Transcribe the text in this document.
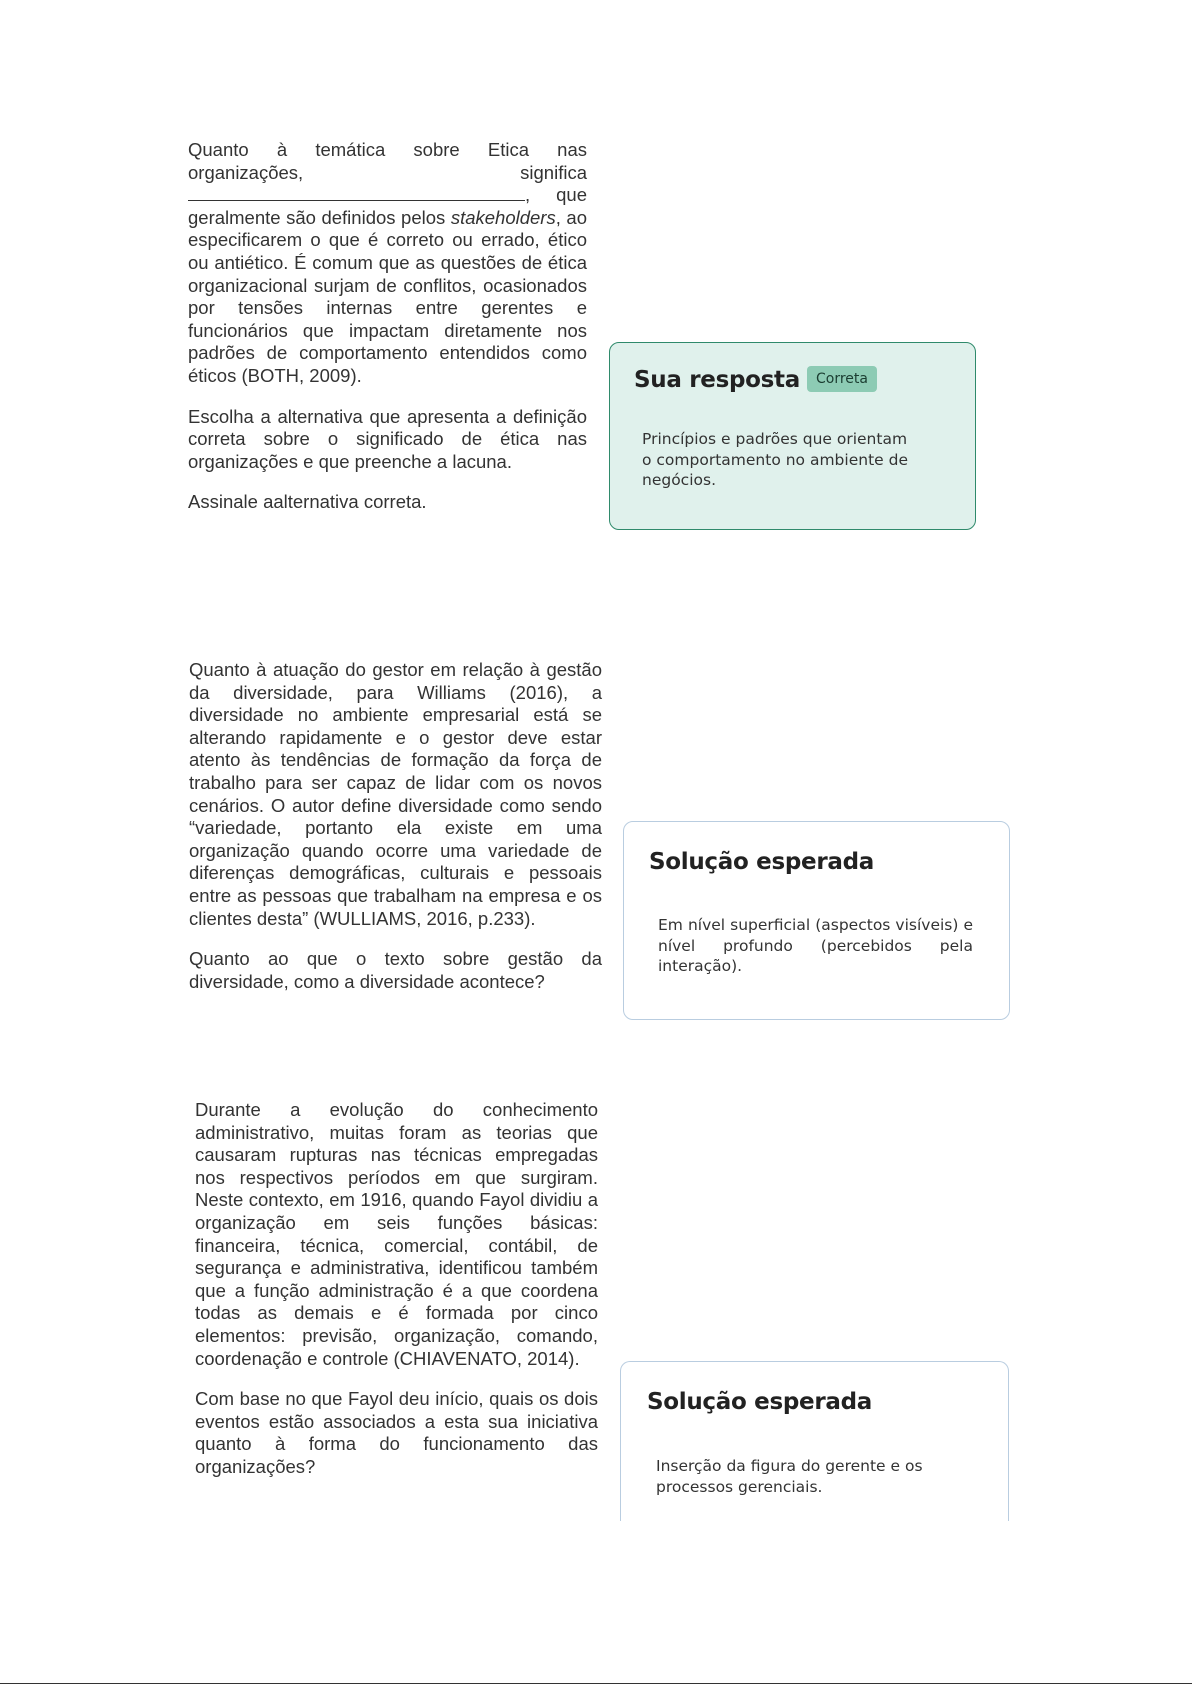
Quanto à temática sobre Etica nas organizações, significa , que geralmente são definidos pelos stakeholders, ao especificarem o que é correto ou errado, ético ou antiético. É comum que as questões de ética organizacional surjam de conflitos, ocasionados por tensões internas entre gerentes e funcionários que impactam diretamente nos padrões de comportamento entendidos como éticos (BOTH, 2009).

Escolha a alternativa que apresenta a definição correta sobre o significado de ética nas organizações e que preenche a lacuna.

Assinale aalternativa correta.

Sua resposta	Correta

Princípios e padrões que orientam o comportamento no ambiente de negócios.

Quanto à atuação do gestor em relação à gestão da diversidade, para Williams (2016), a diversidade no ambiente empresarial está se alterando rapidamente e o gestor deve estar atento às tendências de formação da força de trabalho para ser capaz de lidar com os novos cenários. O autor define diversidade como sendo “variedade, portanto ela existe em uma organização quando ocorre uma variedade de diferenças demográficas, culturais e pessoais entre as pessoas que trabalham na empresa e os clientes desta” (WULLIAMS, 2016, p.233).

Quanto ao que o texto sobre gestão da diversidade, como a diversidade acontece?

Solução esperada

Em nível superficial (aspectos visíveis) e nível profundo (percebidos pela interação).

Durante a evolução do conhecimento administrativo, muitas foram as teorias que causaram rupturas nas técnicas empregadas nos respectivos períodos em que surgiram. Neste contexto, em 1916, quando Fayol dividiu a organização em seis funções básicas: financeira, técnica, comercial, contábil, de segurança e administrativa, identificou também que a função administração é a que coordena todas as demais e é formada por cinco elementos: previsão, organização, comando, coordenação e controle (CHIAVENATO, 2014).

Com base no que Fayol deu início, quais os dois eventos estão associados a esta sua iniciativa quanto à forma do funcionamento das organizações?

Solução esperada

Inserção da figura do gerente e os processos gerenciais.
